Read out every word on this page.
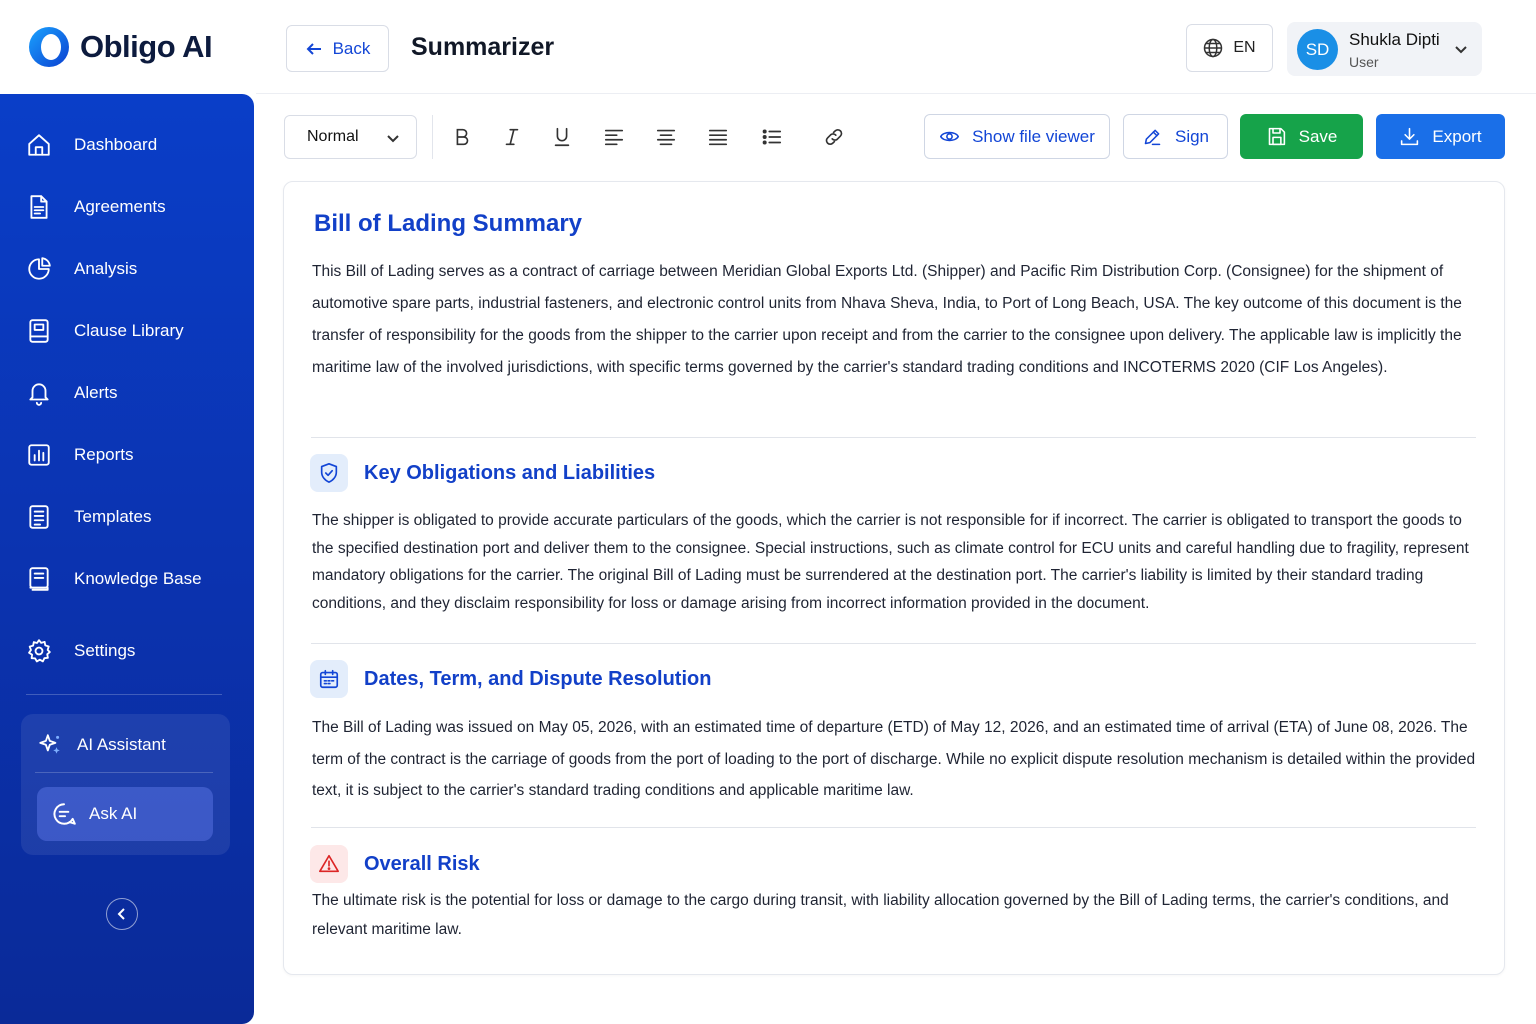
Obligo AI
Dashboard
Agreements
Analysis
Clause Library
Alerts
Reports
Templates
Knowledge Base
Settings
AI Assistant
Ask AI
Back Summarizer	EN	SD	Shukla Dipti
User
Normal	Show file viewer	Sign	Save	Export
Bill of Lading Summary
This Bill of Lading serves as a contract of carriage between Meridian Global Exports Ltd. (Shipper) and Pacific Rim Distribution Corp. (Consignee) for the shipment of automotive spare parts, industrial fasteners, and electronic control units from Nhava Sheva, India, to Port of Long Beach, USA. The key outcome of this document is the transfer of responsibility for the goods from the shipper to the carrier upon receipt and from the carrier to the consignee upon delivery. The applicable law is implicitly the maritime law of the involved jurisdictions, with specific terms governed by the carrier's standard trading conditions and INCOTERMS 2020 (CIF Los Angeles).
Key Obligations and Liabilities
The shipper is obligated to provide accurate particulars of the goods, which the carrier is not responsible for if incorrect. The carrier is obligated to transport the goods to the specified destination port and deliver them to the consignee. Special instructions, such as climate control for ECU units and careful handling due to fragility, represent mandatory obligations for the carrier. The original Bill of Lading must be surrendered at the destination port. The carrier's liability is limited by their standard trading conditions, and they disclaim responsibility for loss or damage arising from incorrect information provided in the document.
Dates, Term, and Dispute Resolution
The Bill of Lading was issued on May 05, 2026, with an estimated time of departure (ETD) of May 12, 2026, and an estimated time of arrival (ETA) of June 08, 2026. The term of the contract is the carriage of goods from the port of loading to the port of discharge. While no explicit dispute resolution mechanism is detailed within the provided text, it is subject to the carrier's standard trading conditions and applicable maritime law.
Overall Risk
The ultimate risk is the potential for loss or damage to the cargo during transit, with liability allocation governed by the Bill of Lading terms, the carrier's conditions, and relevant maritime law.
